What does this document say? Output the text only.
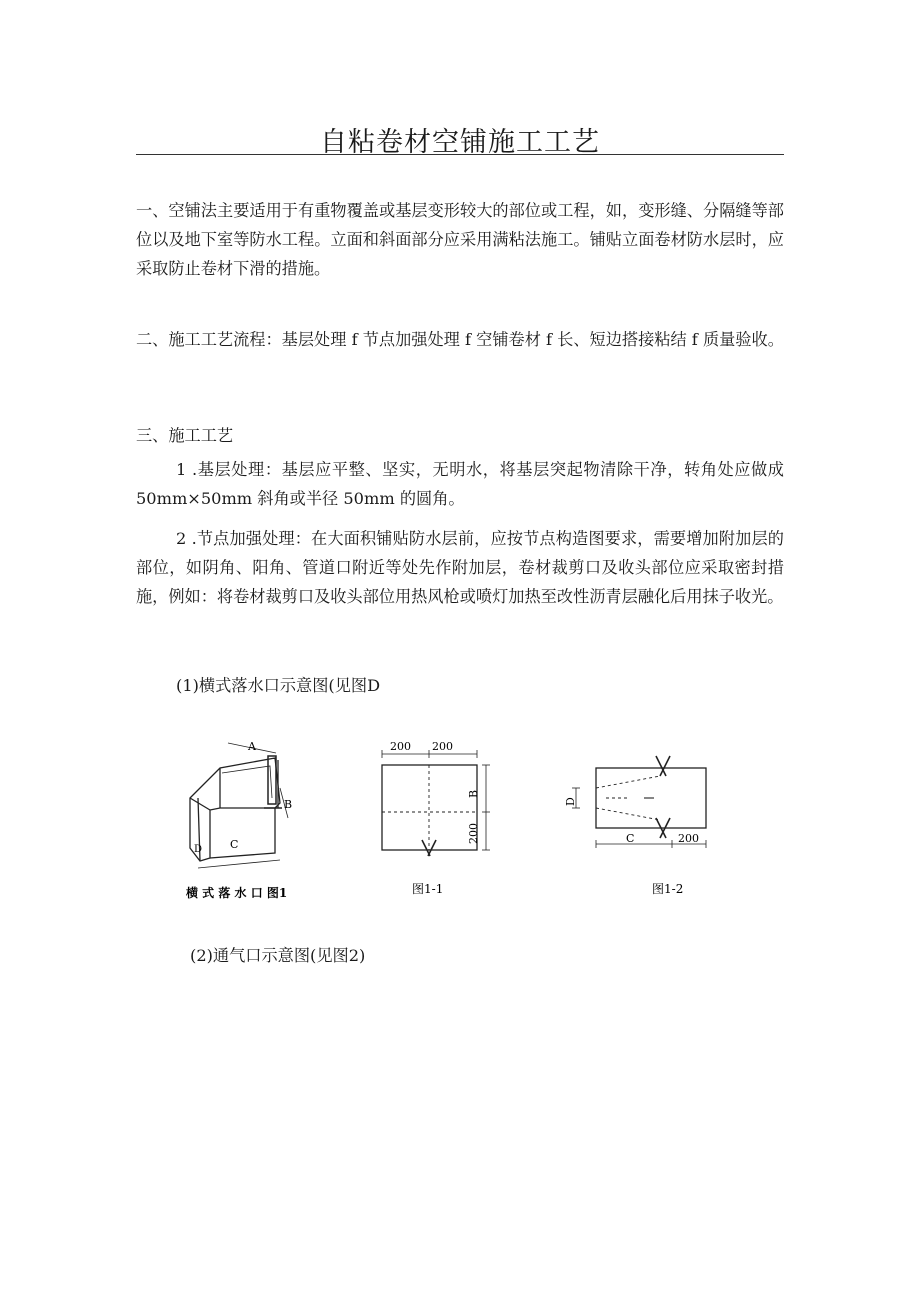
自粘卷材空铺施工工艺
一、空铺法主要适用于有重物覆盖或基层变形较大的部位或工程，如，变形缝、分隔缝等部位以及地下室等防水工程。立面和斜面部分应采用满粘法施工。铺贴立面卷材防水层时，应采取防止卷材下滑的措施。
二、施工工艺流程：基层处理 f 节点加强处理 f 空铺卷材 f 长、短边搭接粘结 f 质量验收。
三、施工工艺
1 .基层处理：基层应平整、坚实，无明水，将基层突起物清除干净，转角处应做成 50mm×50mm 斜角或半径 50mm 的圆角。
2 .节点加强处理：在大面积铺贴防水层前，应按节点构造图要求，需要增加附加层的部位，如阴角、阳角、管道口附近等处先作附加层，卷材裁剪口及收头部位应采取密封措施，例如：将卷材裁剪口及收头部位用热风枪或喷灯加热至改性沥青层融化后用抹子收光。
(1)横式落水口示意图(见图D
A
B
C
D
横 式 落 水 口 图1
200 200
B
200
图1-1
D
C	200
图1-2
(2)通气口示意图(见图2)
